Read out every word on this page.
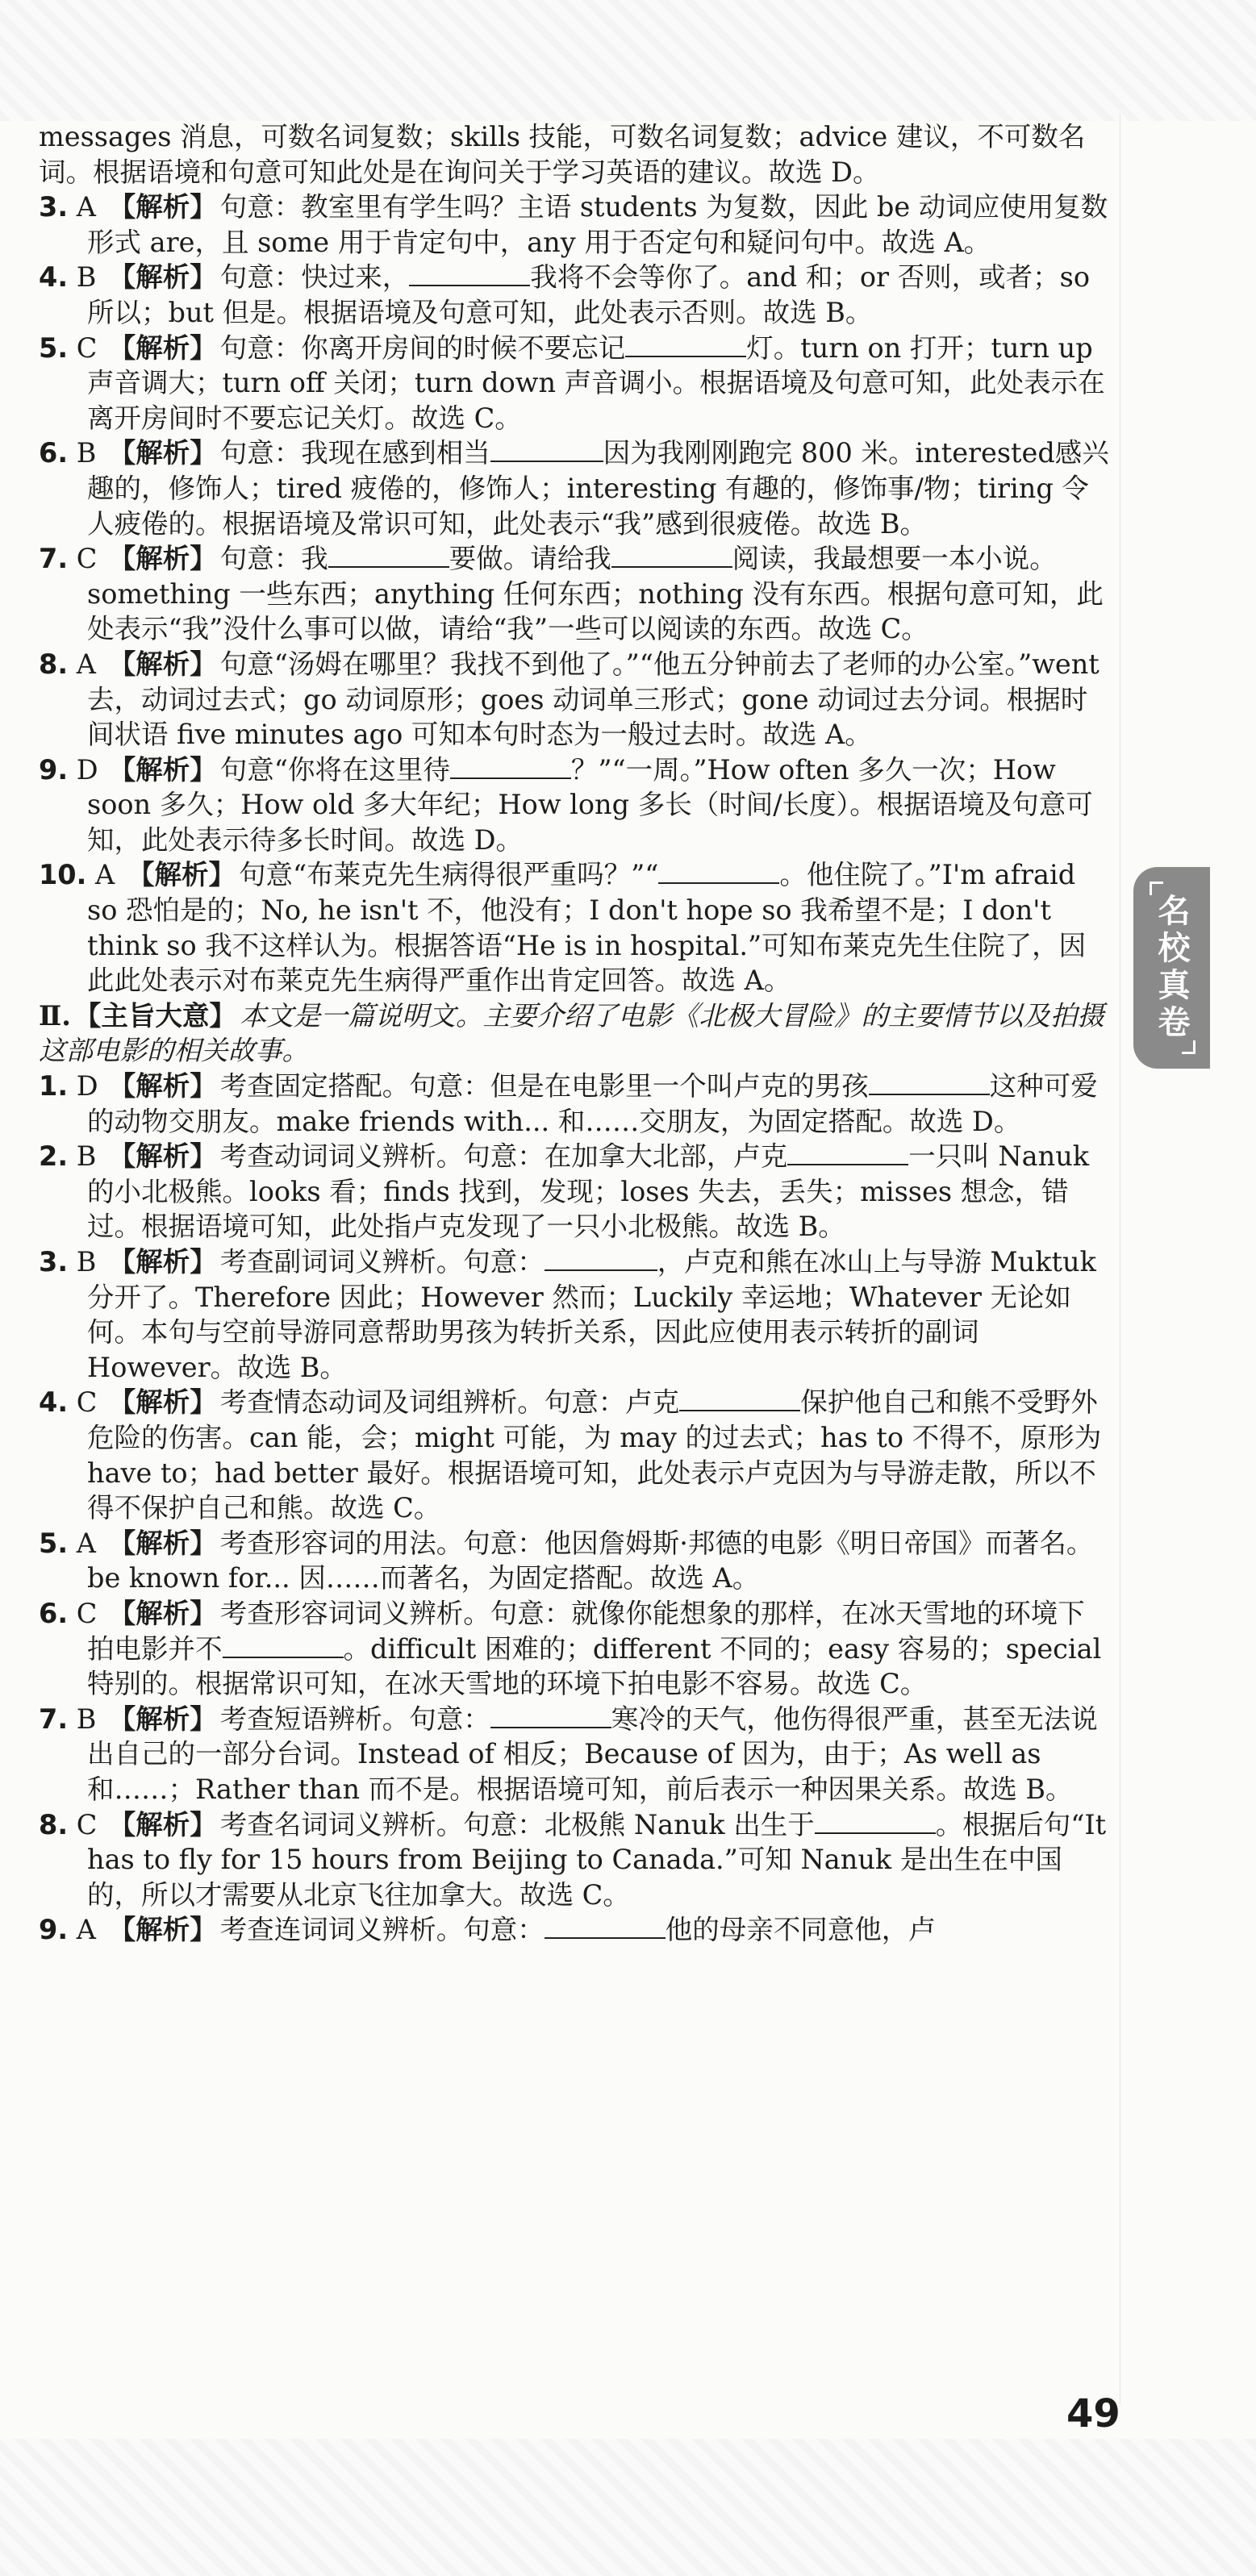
messages 消息，可数名词复数；skills 技能，可数名词复数；advice 建议，不可数名词。根据语境和句意可知此处是在询问关于学习英语的建议。故选 D。

3. A 【解析】 句意：教室里有学生吗？主语 students 为复数，因此 be 动词应使用复数形式 are，且 some 用于肯定句中，any 用于否定句和疑问句中。故选 A。

4. B 【解析】 句意：快过来，	我将不会等你了。and 和；or 否则，或者；so 所以；but 但是。根据语境及句意可知，此处表示否则。故选 B。

5. C 【解析】 句意：你离开房间的时候不要忘记	灯。turn on 打开；turn up 声音调大；turn off 关闭；turn down 声音调小。根据语境及句意可知，此处表示在离开房间时不要忘记关灯。故选 C。

6. B 【解析】 句意：我现在感到相当	因为我刚刚跑完 800 米。interested感兴趣的，修饰人；tired 疲倦的，修饰人；interesting 有趣的，修饰事/物；tiring 令人疲倦的。根据语境及常识可知，此处表示“我”感到很疲倦。故选 B。

7. C 【解析】 句意：我	要做。请给我	阅读，我最想要一本小说。something 一些东西；anything 任何东西；nothing 没有东西。根据句意可知，此处表示“我”没什么事可以做，请给“我”一些可以阅读的东西。故选 C。

8. A 【解析】 句意“汤姆在哪里？我找不到他了。”“他五分钟前去了老师的办公室。”went 去，动词过去式；go 动词原形；goes 动词单三形式；gone 动词过去分词。根据时间状语 five minutes ago 可知本句时态为一般过去时。故选 A。

9. D 【解析】 句意“你将在这里待	？”“一周。”How often 多久一次；How soon 多久；How old 多大年纪；How long 多长（时间/长度）。根据语境及句意可知，此处表示待多长时间。故选 D。

10. A 【解析】 句意“布莱克先生病得很严重吗？”“	。他住院了。”I'm afraid so 恐怕是的；No, he isn't 不，他没有；I don't hope so 我希望不是；I don't think so 我不这样认为。根据答语“He is in hospital.”可知布莱克先生住院了，因此此处表示对布莱克先生病得严重作出肯定回答。故选 A。

Ⅱ. 【主旨大意】 本文是一篇说明文。主要介绍了电影《北极大冒险》的主要情节以及拍摄这部电影的相关故事。

1. D 【解析】 考查固定搭配。句意：但是在电影里一个叫卢克的男孩	这种可爱的动物交朋友。make friends with... 和……交朋友，为固定搭配。故选 D。

2. B 【解析】 考查动词词义辨析。句意：在加拿大北部，卢克	一只叫 Nanuk 的小北极熊。looks 看；finds 找到，发现；loses 失去，丢失；misses 想念，错过。根据语境可知，此处指卢克发现了一只小北极熊。故选 B。

3. B 【解析】 考查副词词义辨析。句意：	，卢克和熊在冰山上与导游 Muktuk 分开了。Therefore 因此；However 然而；Luckily 幸运地；Whatever 无论如何。本句与空前导游同意帮助男孩为转折关系，因此应使用表示转折的副词 However。故选 B。

4. C 【解析】 考查情态动词及词组辨析。句意：卢克	保护他自己和熊不受野外危险的伤害。can 能，会；might 可能，为 may 的过去式；has to 不得不，原形为 have to；had better 最好。根据语境可知，此处表示卢克因为与导游走散，所以不得不保护自己和熊。故选 C。

5. A 【解析】 考查形容词的用法。句意：他因詹姆斯·邦德的电影《明日帝国》而著名。be known for... 因……而著名，为固定搭配。故选 A。

6. C 【解析】 考查形容词词义辨析。句意：就像你能想象的那样，在冰天雪地的环境下拍电影并不	。difficult 困难的；different 不同的；easy 容易的；special 特别的。根据常识可知，在冰天雪地的环境下拍电影不容易。故选 C。

7. B 【解析】 考查短语辨析。句意：	寒冷的天气，他伤得很严重，甚至无法说出自己的一部分台词。Instead of 相反；Because of 因为，由于；As well as 和……；Rather than 而不是。根据语境可知，前后表示一种因果关系。故选 B。

8. C 【解析】 考查名词词义辨析。句意：北极熊 Nanuk 出生于	。根据后句“It has to fly for 15 hours from Beijing to Canada.”可知 Nanuk 是出生在中国的，所以才需要从北京飞往加拿大。故选 C。

9. A 【解析】 考查连词词义辨析。句意：	他的母亲不同意他，卢

名校真卷
49
